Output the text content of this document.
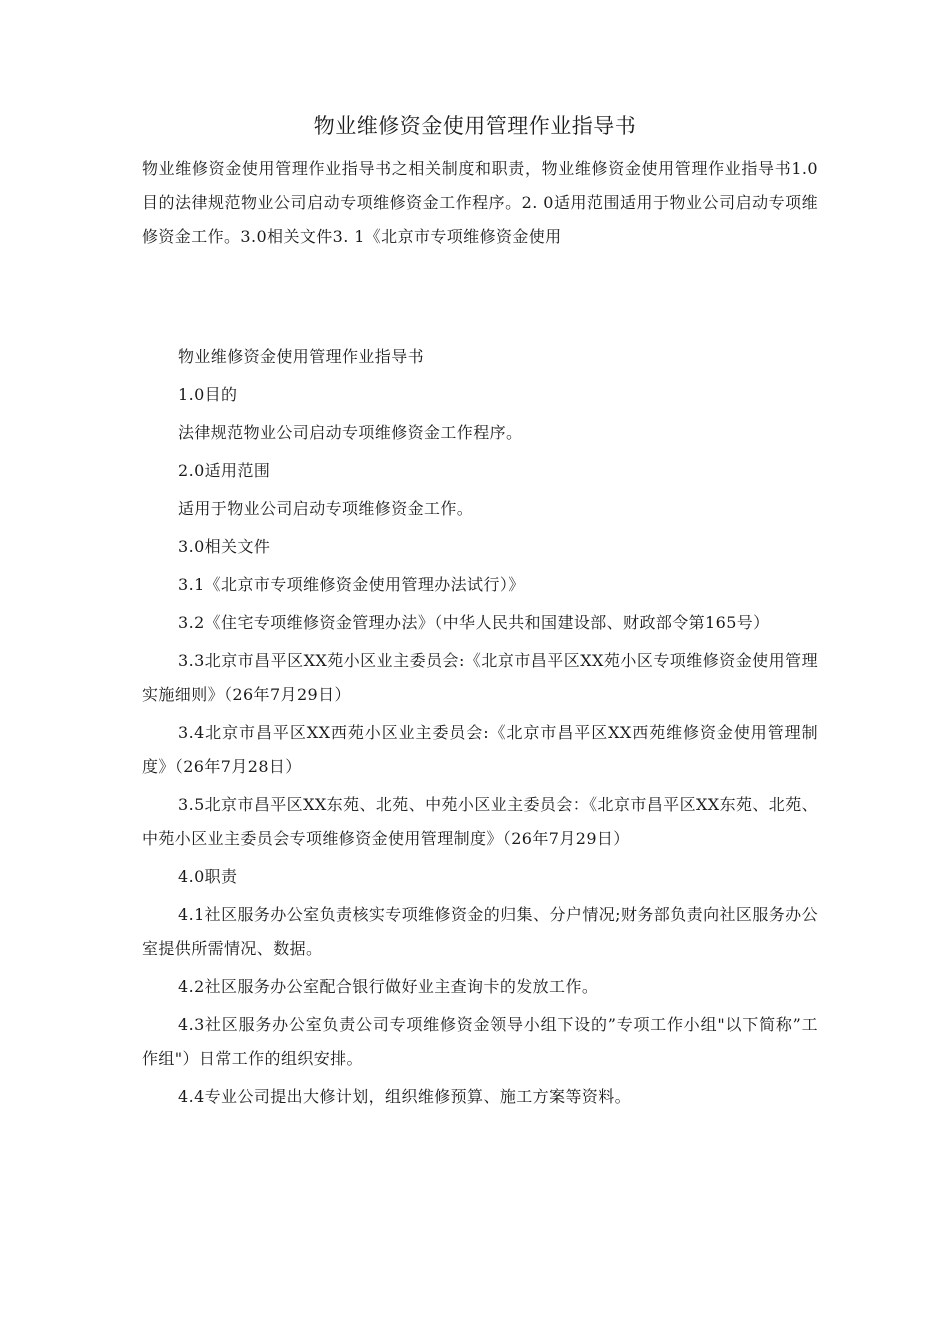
物业维修资金使用管理作业指导书

物业维修资金使用管理作业指导书之相关制度和职责，物业维修资金使用管理作业指导书1.0目的法律规范物业公司启动专项维修资金工作程序。2. 0适用范围适用于物业公司启动专项维修资金工作。3.0相关文件3. 1《北京市专项维修资金使用

物业维修资金使用管理作业指导书

1.0目的

法律规范物业公司启动专项维修资金工作程序。

2.0适用范围

适用于物业公司启动专项维修资金工作。

3.0相关文件

3.1《北京市专项维修资金使用管理办法试行）》

3.2《住宅专项维修资金管理办法》（中华人民共和国建设部、财政部令第165号）

3.3北京市昌平区XX苑小区业主委员会:《北京市昌平区XX苑小区专项维修资金使用管理实施细则》（26年7月29日）

3.4北京市昌平区XX西苑小区业主委员会:《北京市昌平区XX西苑维修资金使用管理制度》（26年7月28日）

3.5北京市昌平区XX东苑、北苑、中苑小区业主委员会：《北京市昌平区XX东苑、北苑、中苑小区业主委员会专项维修资金使用管理制度》（26年7月29日）

4.0职责

4.1社区服务办公室负责核实专项维修资金的归集、分户情况;财务部负责向社区服务办公室提供所需情况、数据。

4.2社区服务办公室配合银行做好业主查询卡的发放工作。

4.3社区服务办公室负责公司专项维修资金领导小组下设的”专项工作小组"以下简称”工作组"）日常工作的组织安排。

4.4专业公司提出大修计划，组织维修预算、施工方案等资料。
